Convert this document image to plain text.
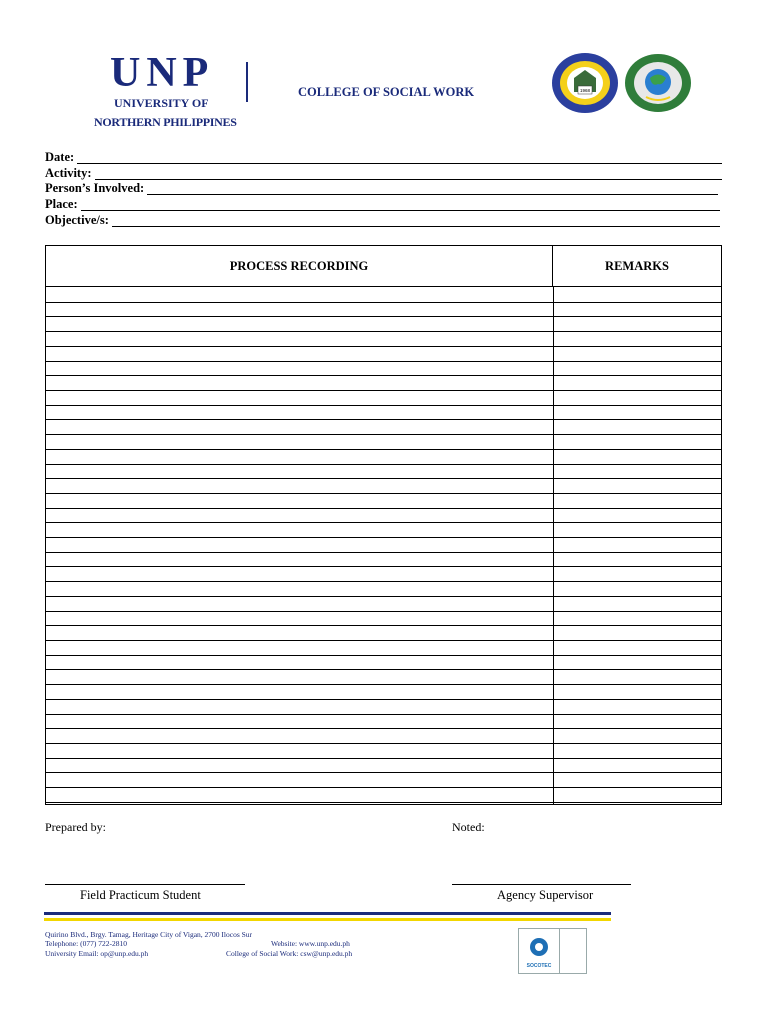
UNP
UNIVERSITY OF
NORTHERN PHILIPPINES
COLLEGE OF SOCIAL WORK	1968
Date:
Activity:
Person’s Involved:
Place:
Objective/s:
PROCESS RECORDING	REMARKS
Prepared by:	Noted:
Field Practicum Student	Agency Supervisor
Quirino Blvd., Brgy. Tamag, Heritage City of Vigan, 2700 Ilocos Sur
Telephone: (077) 722-2810	Website: www.unp.edu.ph
University Email: op@unp.edu.ph	College of Social Work: csw@unp.edu.ph
SOCOTEC
